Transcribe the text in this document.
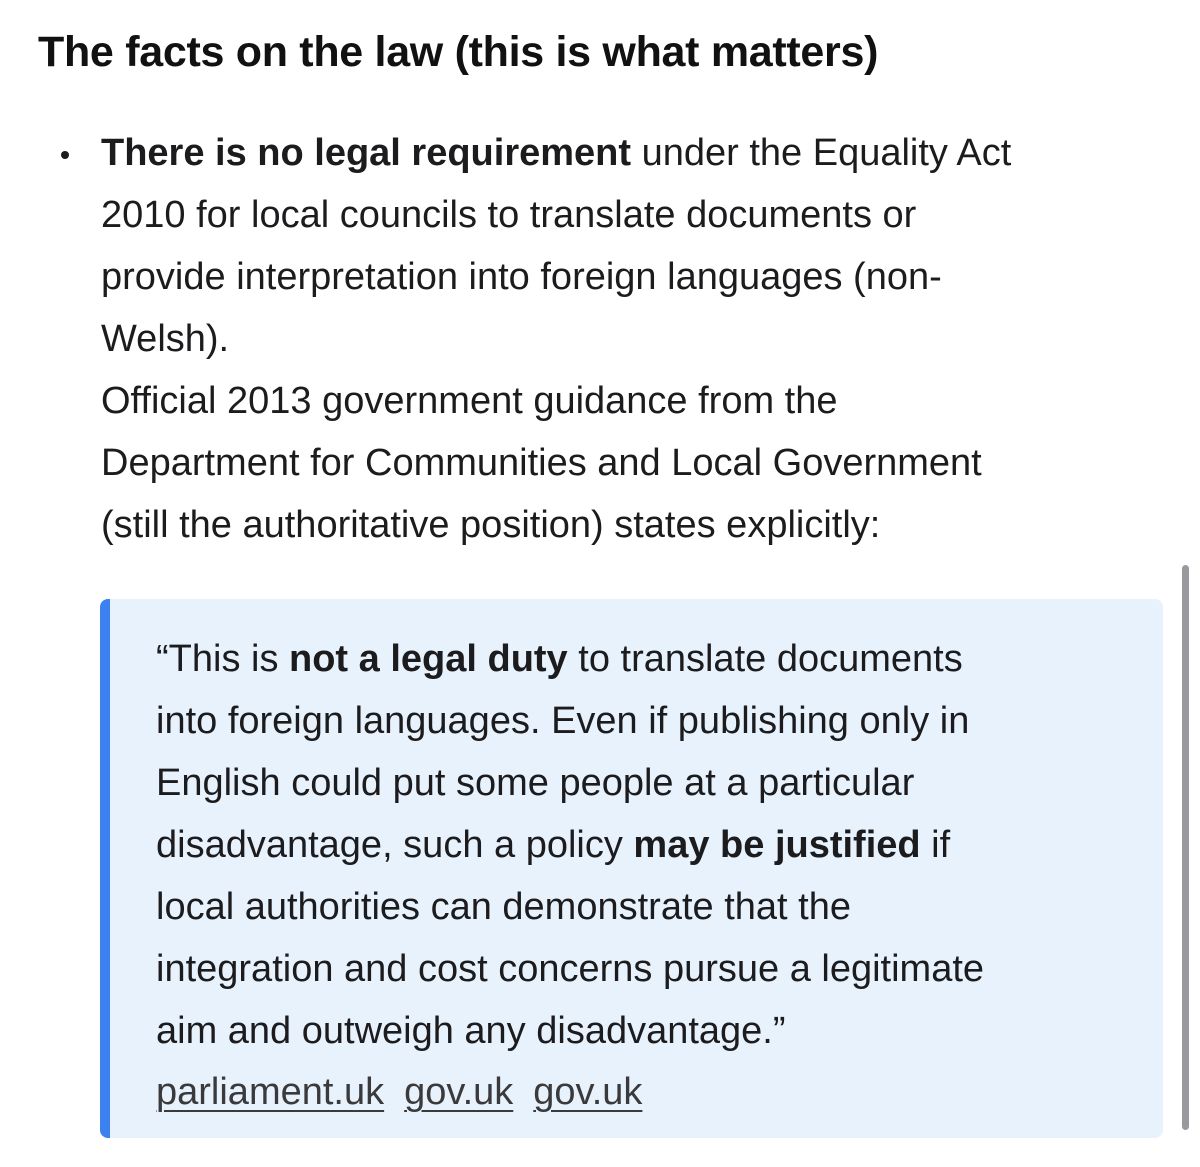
The facts on the law (this is what matters)

There is no legal requirement under the Equality Act
2010 for local councils to translate documents or
provide interpretation into foreign languages (non-
Welsh).
Official 2013 government guidance from the
Department for Communities and Local Government
(still the authoritative position) states explicitly:

“This is not a legal duty to translate documents
into foreign languages. Even if publishing only in
English could put some people at a particular
disadvantage, such a policy may be justified if
local authorities can demonstrate that the
integration and cost concerns pursue a legitimate
aim and outweigh any disadvantage.”

parliament.uk gov.uk gov.uk
